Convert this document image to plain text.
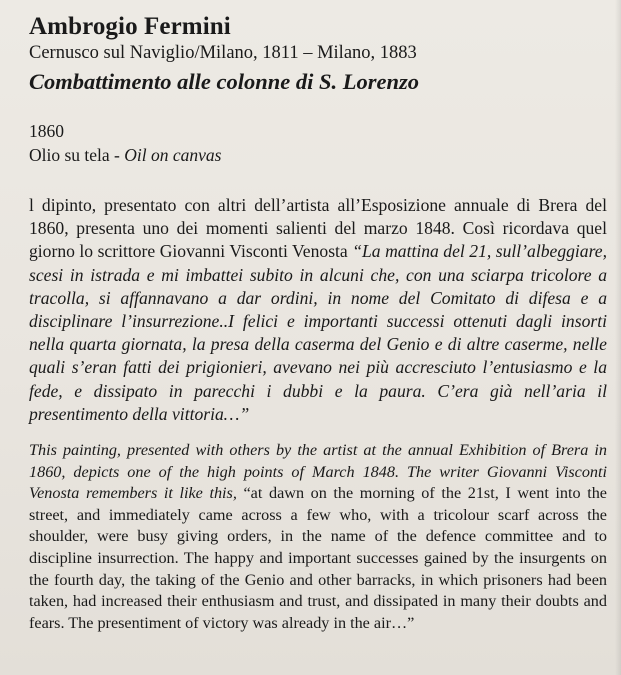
Ambrogio Fermini

Cernusco sul Naviglio/Milano, 1811 – Milano, 1883

Combattimento alle colonne di S. Lorenzo

1860

Olio su tela - Oil on canvas

l dipinto, presentato con altri dell’artista all’Esposizione annuale di Brera del 1860, presenta uno dei momenti salienti del marzo 1848. Così ricordava quel giorno lo scrittore Giovanni Visconti Venosta “La mattina del 21, sull’albeggiare, scesi in istrada e mi imbattei subito in alcuni che, con una sciarpa tricolore a tracolla, si affannavano a dar ordini, in nome del Comitato di difesa e a disciplinare l’insurrezione..I felici e importanti successi ottenuti dagli insorti nella quarta giornata, la presa della caserma del Genio e di altre caserme, nelle quali s’eran fatti dei prigionieri, avevano nei più accresciuto l’entusiasmo e la fede, e dissipato in parecchi i dubbi e la paura. C’era già nell’aria il presentimento della vittoria…”

This painting, presented with others by the artist at the annual Exhibition of Brera in 1860, depicts one of the high points of March 1848. The writer Giovanni Visconti Venosta remembers it like this, “at dawn on the morning of the 21st, I went into the street, and immediately came across a few who, with a tricolour scarf across the shoulder, were busy giving orders, in the name of the defence committee and to discipline insurrection. The happy and important successes gained by the insurgents on the fourth day, the taking of the Genio and other barracks, in which prisoners had been taken, had increased their enthusiasm and trust, and dissipated in many their doubts and fears. The presentiment of victory was already in the air…”
